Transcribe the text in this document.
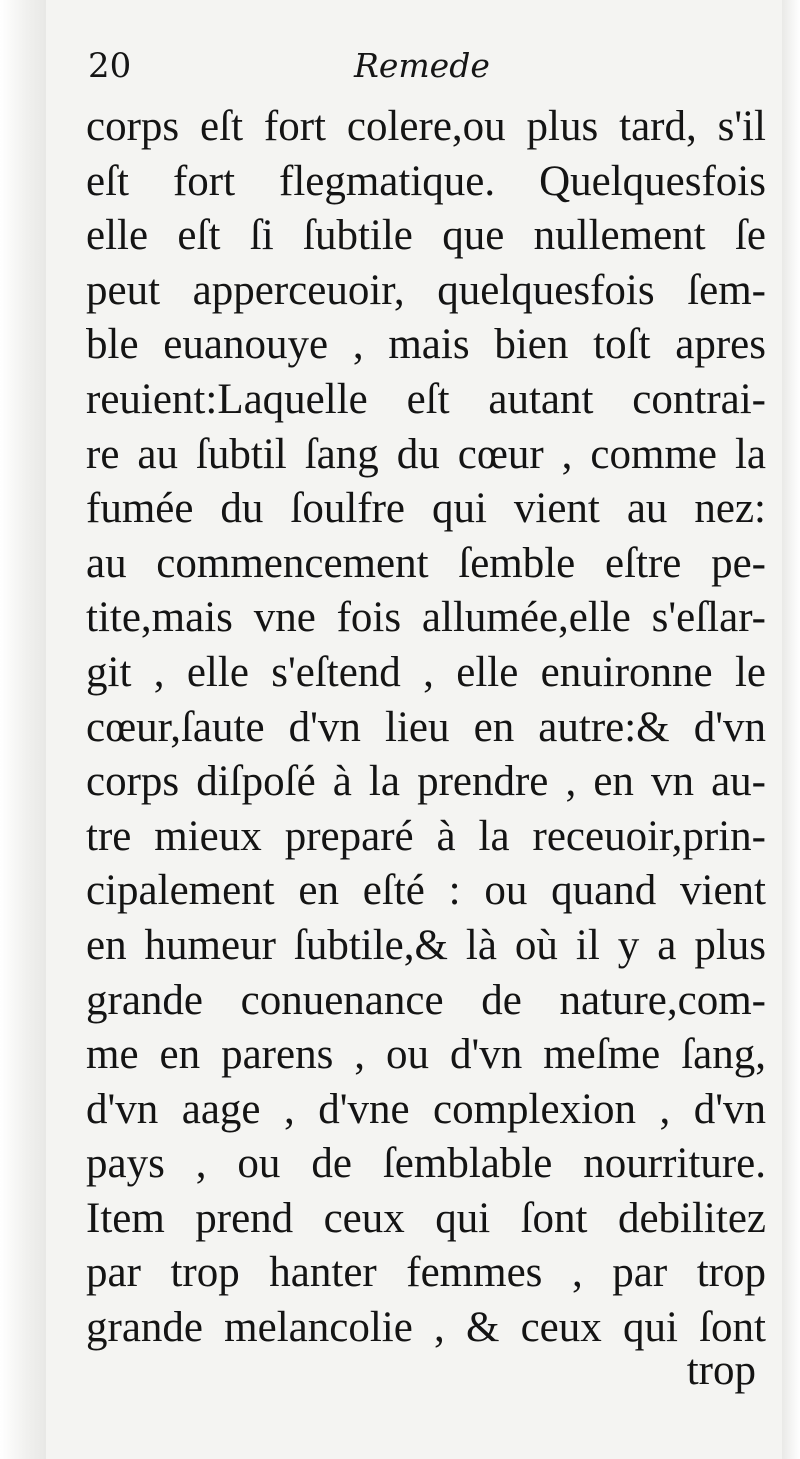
20	Remede
corps eſt fort colere,ou plus tard, s'il
eſt fort flegmatique. Quelquesfois
elle eſt ſi ſubtile que nullement ſe
peut apperceuoir, quelquesfois ſem-
ble euanouye , mais bien toſt apres
reuient:Laquelle eſt autant contrai-
re au ſubtil ſang du cœur , comme la
fumée du ſoulfre qui vient au nez:
au commencement ſemble eſtre pe-
tite,mais vne fois allumée,elle s'eſlar-
git , elle s'eſtend , elle enuironne le
cœur,ſaute d'vn lieu en autre:& d'vn
corps diſpoſé à la prendre , en vn au-
tre mieux preparé à la receuoir,prin-
cipalement en eſté : ou quand vient
en humeur ſubtile,& là où il y a plus
grande conuenance de nature,com-
me en parens , ou d'vn meſme ſang,
d'vn aage , d'vne complexion , d'vn
pays , ou de ſemblable nourriture.
Item prend ceux qui ſont debilitez
par trop hanter femmes , par trop
grande melancolie , & ceux qui ſont
trop
